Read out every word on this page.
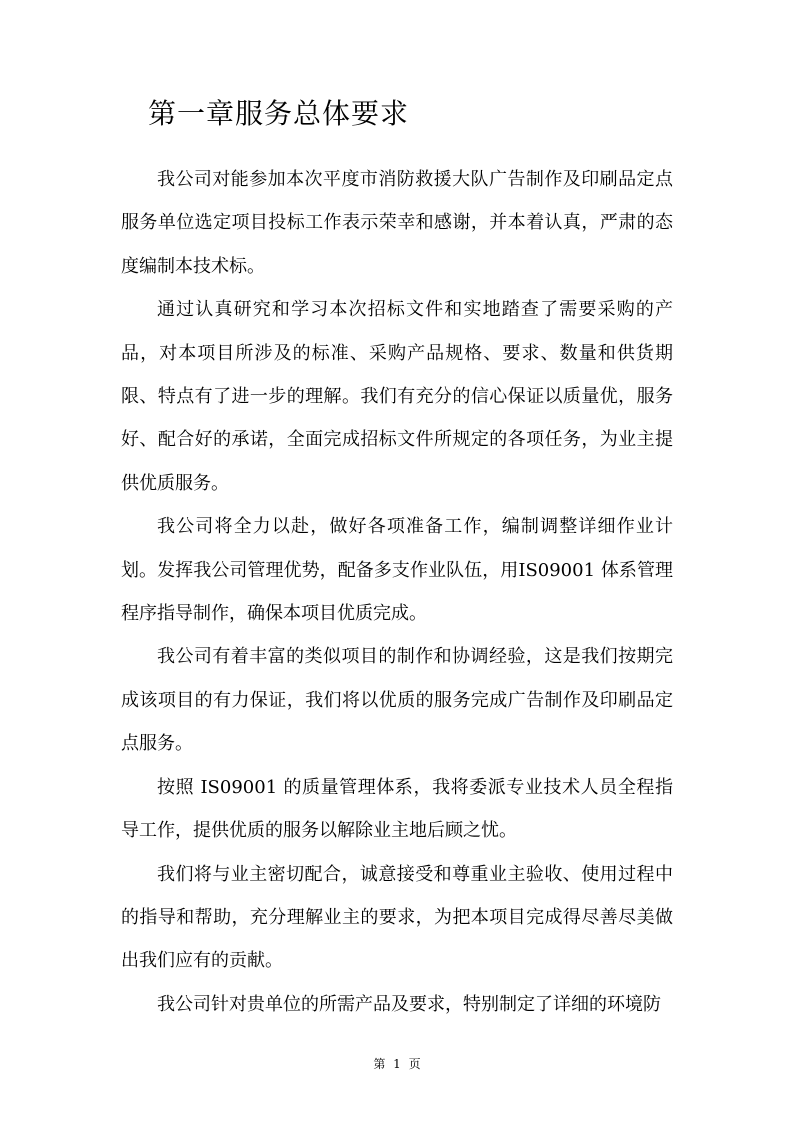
第一章服务总体要求

我公司对能参加本次平度市消防救援大队广告制作及印刷品定点服务单位选定项目投标工作表示荣幸和感谢，并本着认真，严肃的态度编制本技术标。

通过认真研究和学习本次招标文件和实地踏查了需要采购的产品，对本项目所涉及的标准、采购产品规格、要求、数量和供货期限、特点有了进一步的理解。我们有充分的信心保证以质量优，服务好、配合好的承诺，全面完成招标文件所规定的各项任务，为业主提供优质服务。

我公司将全力以赴，做好各项准备工作，编制调整详细作业计划。发挥我公司管理优势，配备多支作业队伍，用IS09001 体系管理程序指导制作，确保本项目优质完成。

我公司有着丰富的类似项目的制作和协调经验，这是我们按期完成该项目的有力保证，我们将以优质的服务完成广告制作及印刷品定点服务。

按照 IS09001 的质量管理体系，我将委派专业技术人员全程指导工作，提供优质的服务以解除业主地后顾之忧。

我们将与业主密切配合，诚意接受和尊重业主验收、使用过程中的指导和帮助，充分理解业主的要求，为把本项目完成得尽善尽美做出我们应有的贡献。

我公司针对贵单位的所需产品及要求，特别制定了详细的环境防

第 1 页
